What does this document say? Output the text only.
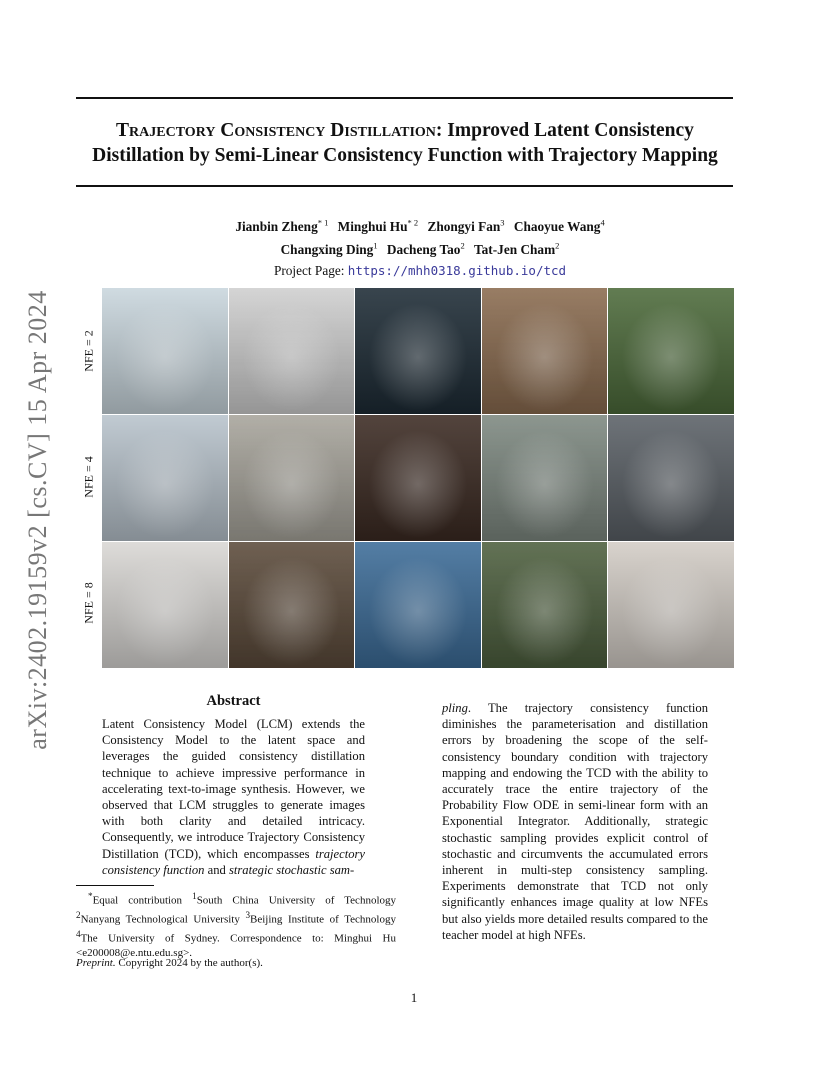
Trajectory Consistency Distillation: Improved Latent Consistency
Distillation by Semi-Linear Consistency Function with Trajectory Mapping
Jianbin Zheng$^{* 1}$ Minghui Hu$^{* 2}$ Zhongyi Fan$^3$ Chaoyue Wang$^4$
Changxing Ding$^1$ Dacheng Tao$^2$ Tat-Jen Cham$^2$
Project Page: https://mhh0318.github.io/tcd
arXiv:2402.19159v2 [cs.CV] 15 Apr 2024 NFE = 2
NFE = 4
NFE = 8
Abstract

Latent Consistency Model (LCM) extends the Consistency Model to the latent space and leverages the guided consistency distillation technique to achieve impressive performance in accelerating text-to-image synthesis. However, we observed that LCM struggles to generate images with both clarity and detailed intricacy. Consequently, we introduce Trajectory Consistency Distillation (TCD), which encompasses trajectory consistency function and strategic stochastic sam-

pling. The trajectory consistency function diminishes the parameterisation and distillation errors by broadening the scope of the self-consistency boundary condition with trajectory mapping and endowing the TCD with the ability to accurately trace the entire trajectory of the Probability Flow ODE in semi-linear form with an Exponential Integrator. Additionally, strategic stochastic sampling provides explicit control of stochastic and circumvents the accumulated errors inherent in multi-step consistency sampling. Experiments demonstrate that TCD not only significantly enhances image quality at low NFEs but also yields more detailed results compared to the teacher model at high NFEs.

*Equal contribution $^1$South China University of Technology $^2$Nanyang Technological University $^3$Beijing Institute of Technology $^4$The University of Sydney. Correspondence to: Minghui Hu <e200008@e.ntu.edu.sg>.
Preprint. Copyright 2024 by the author(s).
1
